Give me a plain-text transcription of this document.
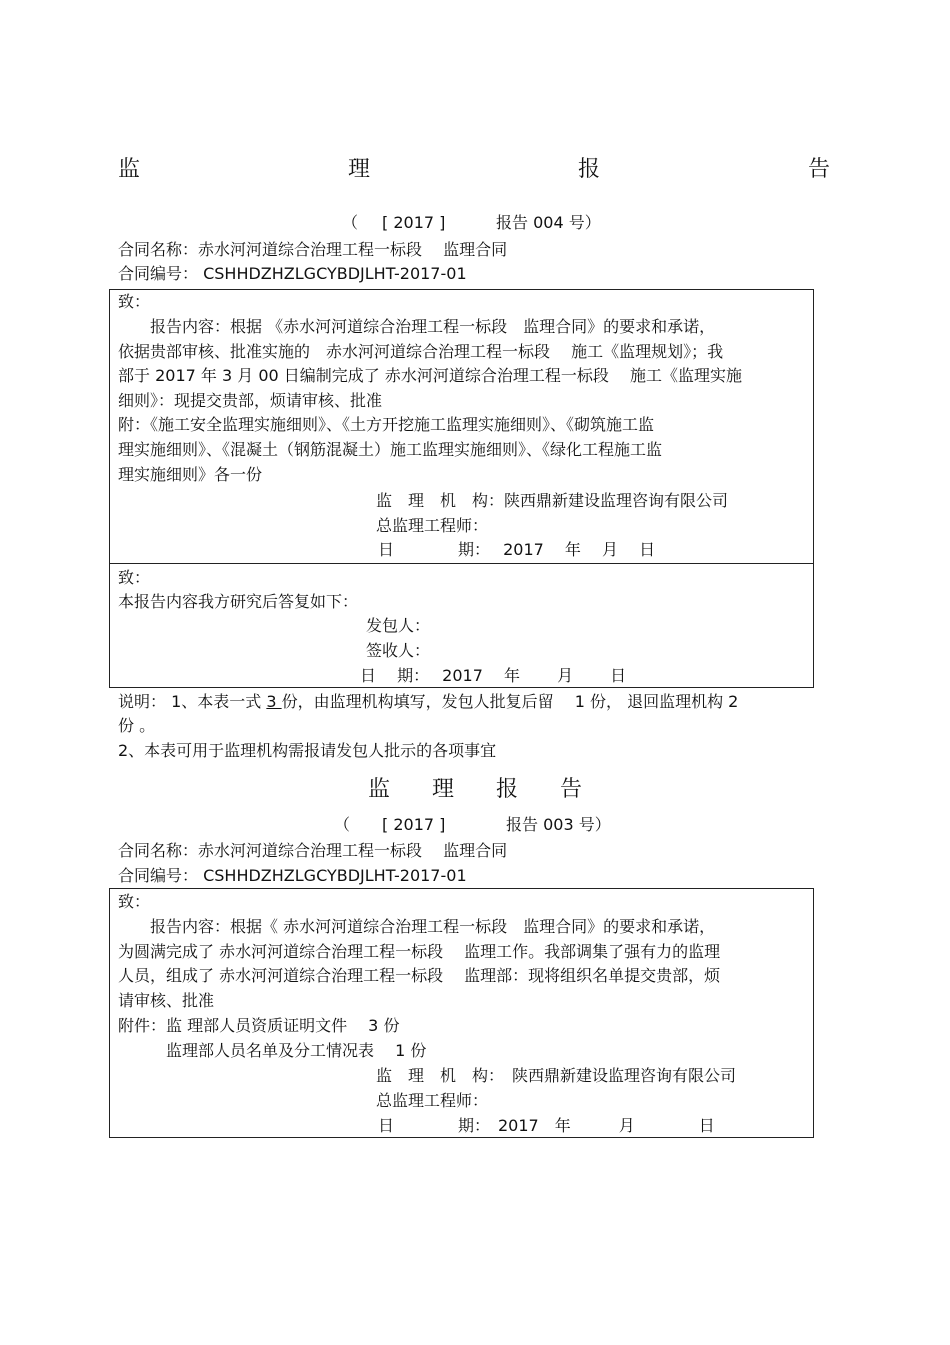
监	理	报	告
（ [ 2017 ]	报告 004 号）
合同名称：赤水河河道综合治理工程一标段　 监理合同
合同编号： CSHHDZHZLGCYBDJLHT-2017-01
致：
　　报告内容：根据 《赤水河河道综合治理工程一标段　监理合同》的要求和承诺，
依据贵部审核、批准实施的　赤水河河道综合治理工程一标段　 施工《监理规划》；我
部于 2017 年 3 月 00 日编制完成了 赤水河河道综合治理工程一标段　 施工《监理实施
细则》：现提交贵部，烦请审核、批准
附：《施工安全监理实施细则》、《土方开挖施工监理实施细则》、《砌筑施工监
理实施细则》、《混凝土（钢筋混凝土）施工监理实施细则》、《绿化工程施工监
理实施细则》各一份
监　理　机　构：陕西鼎新建设监理咨询有限公司
总监理工程师：
日　　　　期：　 2017　 年　 月　 日
致：
本报告内容我方研究后答复如下：
发包人：
签收人：
日　 期：　 2017　 年　　 月　　 日
说明： 1、本表一式 3 份，由监理机构填写，发包人批复后留　 1 份， 退回监理机构 2
份 。
2、本表可用于监理机构需报请发包人批示的各项事宜
监 理 报 告
（ [ 2017 ]	报告 003 号）
合同名称：赤水河河道综合治理工程一标段　 监理合同
合同编号： CSHHDZHZLGCYBDJLHT-2017-01
致：
　　报告内容：根据《 赤水河河道综合治理工程一标段　监理合同》的要求和承诺，
为圆满完成了 赤水河河道综合治理工程一标段　 监理工作。我部调集了强有力的监理
人员，组成了 赤水河河道综合治理工程一标段　 监理部：现将组织名单提交贵部，烦
请审核、批准
附件：监 理部人员资质证明文件　 3 份
　　　监理部人员名单及分工情况表　 1 份
监　理　机　构：　陕西鼎新建设监理咨询有限公司
总监理工程师：
日　　　　期：　2017　年　　　月　　　　日
